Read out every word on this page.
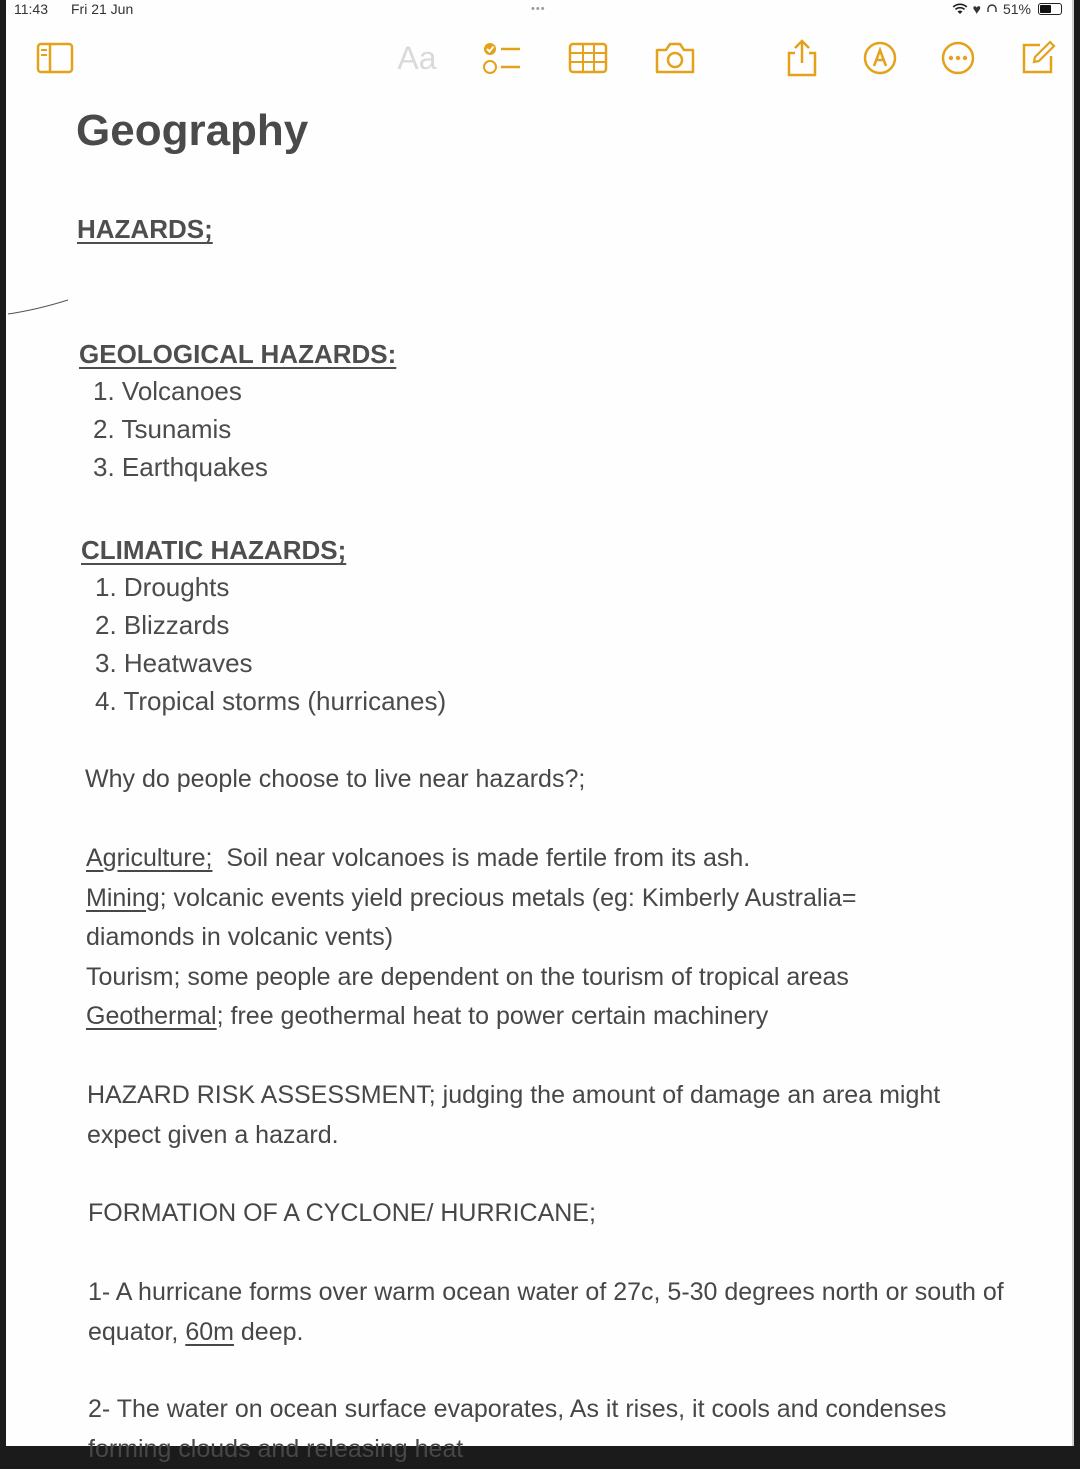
11:43 Fri 21 Jun	•••	♥ 51%
Aa
Geography
HAZARDS;
GEOLOGICAL HAZARDS:
1. Volcanoes
2. Tsunamis
3. Earthquakes
CLIMATIC HAZARDS;
1. Droughts
2. Blizzards
3. Heatwaves
4. Tropical storms (hurricanes)
Why do people choose to live near hazards?;
Agriculture; Soil near volcanoes is made fertile from its ash.
Mining; volcanic events yield precious metals (eg: Kimberly Australia= diamonds in volcanic vents)
Tourism; some people are dependent on the tourism of tropical areas
Geothermal; free geothermal heat to power certain machinery
HAZARD RISK ASSESSMENT; judging the amount of damage an area might expect given a hazard.
FORMATION OF A CYCLONE/ HURRICANE;
1- A hurricane forms over warm ocean water of 27c, 5-30 degrees north or south of equator, 60m deep.
2- The water on ocean surface evaporates, As it rises, it cools and condenses forming clouds and releasing heat
